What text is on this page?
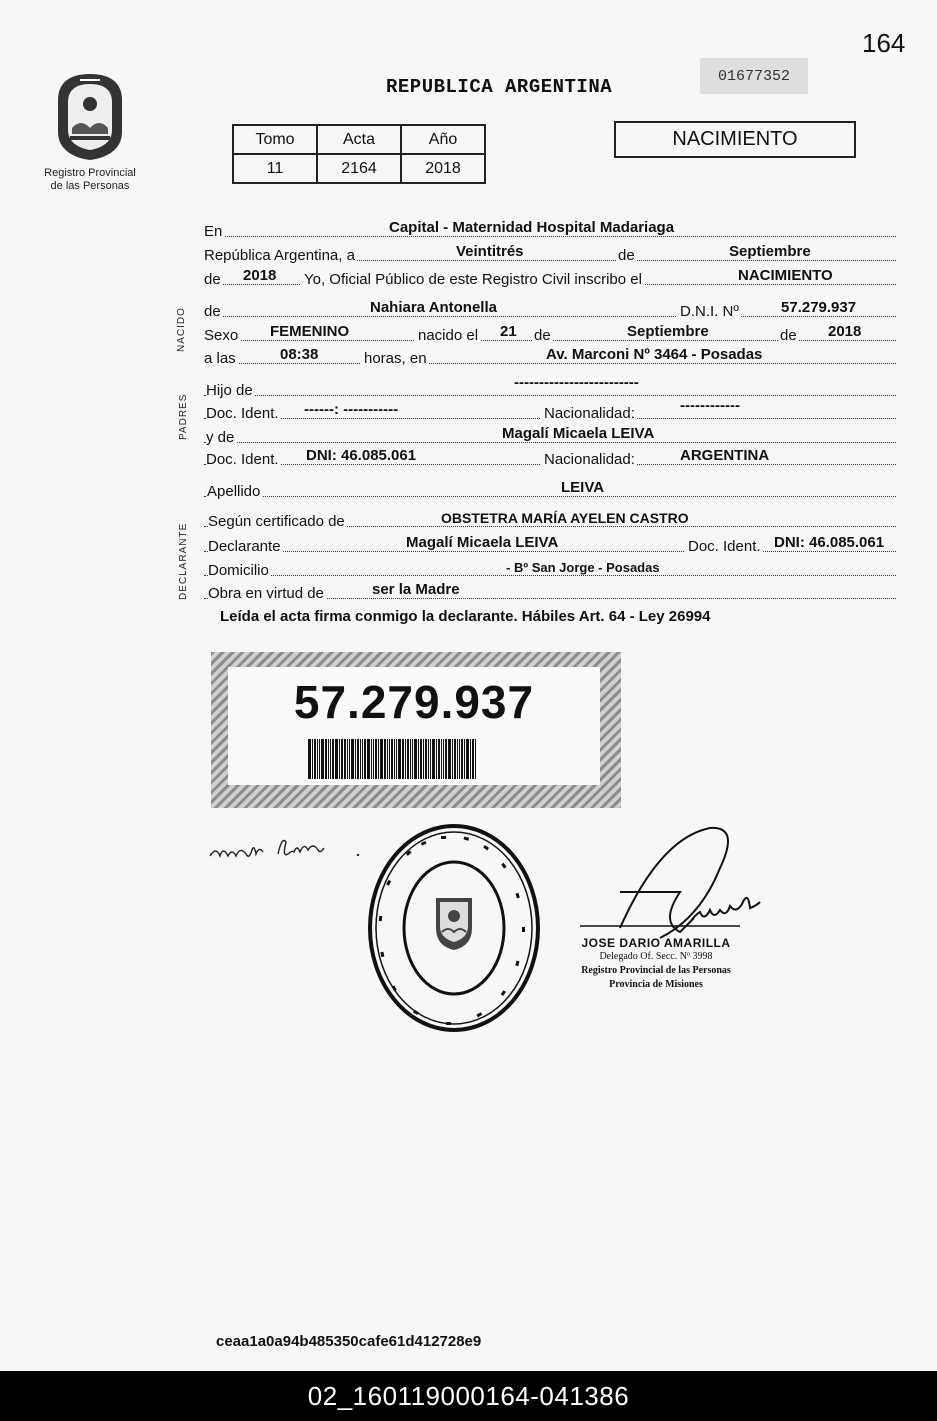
164
Registro Provincial
de las Personas
REPUBLICA ARGENTINA	01677352
Tomo	Acta	Año
11	2164	2018
NACIMIENTO
En	Capital - Maternidad Hospital Madariaga
República Argentina, a	Veintitrés	de	Septiembre
de 2018 Yo, Oficial Público de este Registro Civil inscribo el	NACIMIENTO
NACIDO de	Nahiara Antonella	D.N.I. Nº	57.279.937
Sexo FEMENINO	nacido el 21 de	Septiembre	de 2018
a las	08:38	horas, en	Av. Marconi Nº 3464 - Posadas
PADRES
Hijo de	-------------------------
Doc. Ident. ------: -----------	Nacionalidad:	------------
y de	Magalí Micaela LEIVA
Doc. Ident. DNI: 46.085.061	Nacionalidad:	ARGENTINA
Apellido	LEIVA
DECLARANTE
Según certificado de	OBSTETRA MARÍA AYELEN CASTRO
Declarante	Magalí Micaela LEIVA	Doc. Ident. DNI: 46.085.061
Domicilio	- Bº San Jorge - Posadas
Obra en virtud de	ser la Madre
Leída el acta firma conmigo la declarante. Hábiles Art. 64 - Ley 26994
57.279.937
JOSE DARIO AMARILLA
Delegado Of. Secc. Nº 3998
Registro Provincial de las Personas
Provincia de Misiones
ceaa1a0a94b485350cafe61d412728e9
02_160119000164-041386
